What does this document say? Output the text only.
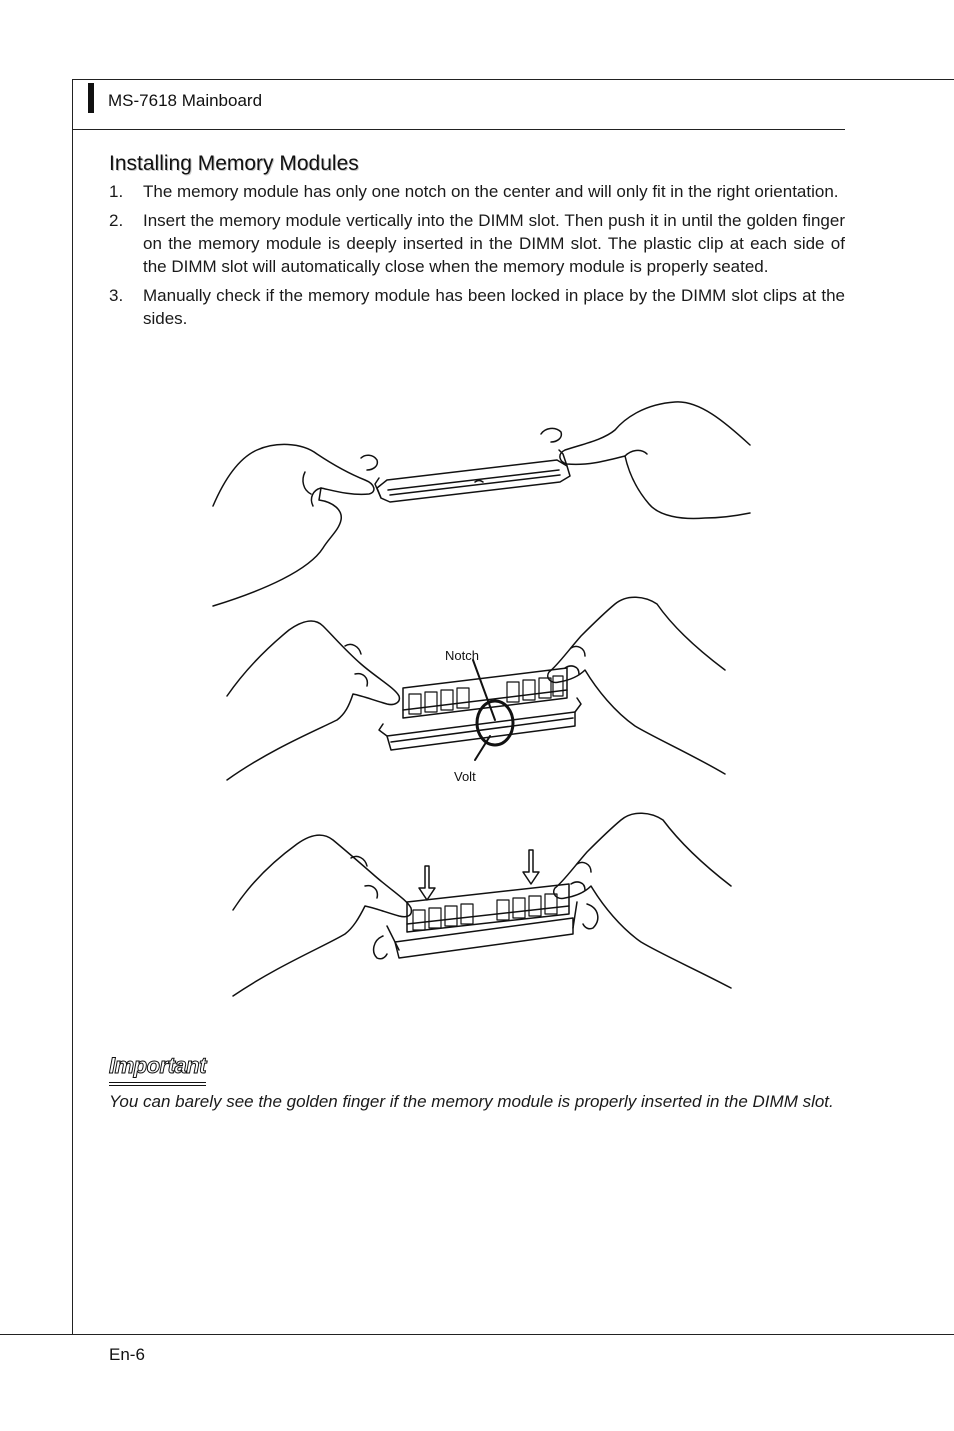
MS-7618 Mainboard
Installing Memory Modules
1.	The memory module has only one notch on the center and will only fit in the right orientation.
2.	Insert the memory module vertically into the DIMM slot. Then push it in until the golden finger on the memory module is deeply inserted in the DIMM slot. The plastic clip at each side of the DIMM slot will automatically close when the memory module is properly seated.
3.	Manually check if the memory module has been locked in place by the DIMM slot clips at the sides.
Notch
Volt
Important
You can barely see the golden finger if the memory module is properly inserted in the DIMM slot.
En-6
